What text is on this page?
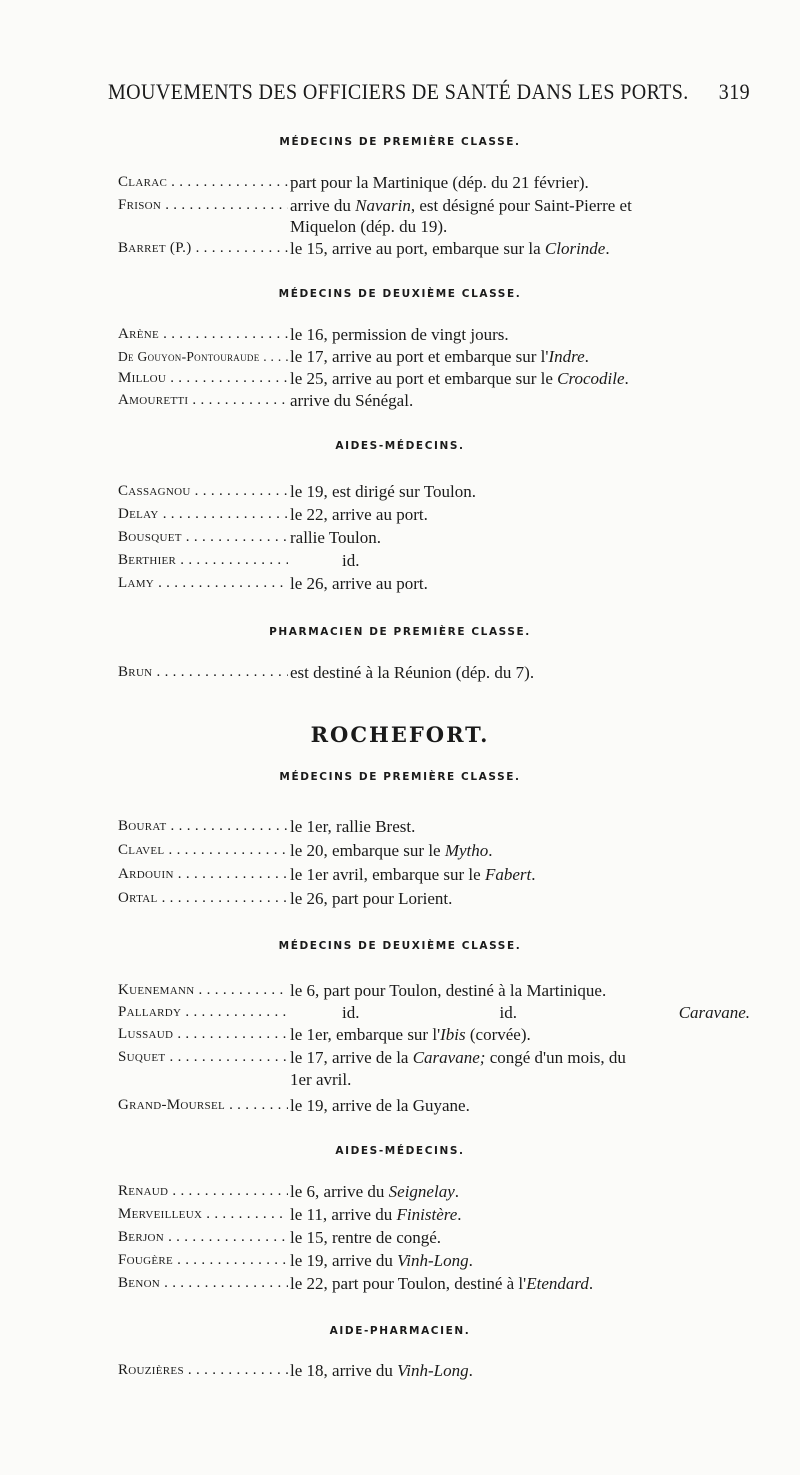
MOUVEMENTS DES OFFICIERS DE SANTÉ DANS LES PORTS. 319
MÉDECINS DE PREMIÈRE CLASSE.
Clarac . . .	part pour la Martinique (dép. du 21 février).
Frison . . .	arrive du Navarin, est désigné pour Saint-Pierre et
Miquelon (dép. du 19).
Barret (P.) . . .	le 15, arrive au port, embarque sur la Clorinde.
MÉDECINS DE DEUXIÈME CLASSE.
Arène . . .	le 16, permission de vingt jours.
De Gouyon-Pontouraude . . .	le 17, arrive au port et embarque sur l'Indre.
Millou . . .	le 25, arrive au port et embarque sur le Crocodile.
Amouretti . . .	arrive du Sénégal.
AIDES-MÉDECINS.
Cassagnou . . .	le 19, est dirigé sur Toulon.
Delay . . .	le 22, arrive au port.
Bousquet . . .	rallie Toulon.
Berthier . . .	id.
Lamy . . .	le 26, arrive au port.
PHARMACIEN DE PREMIÈRE CLASSE.
Brun . . .	est destiné à la Réunion (dép. du 7).
ROCHEFORT.
MÉDECINS DE PREMIÈRE CLASSE.
Bourat . . .	le 1er, rallie Brest.
Clavel . . .	le 20, embarque sur le Mytho.
Ardouin . . .	le 1er avril, embarque sur le Fabert.
Ortal . . .	le 26, part pour Lorient.
MÉDECINS DE DEUXIÈME CLASSE.
Kuenemann . . .	le 6, part pour Toulon, destiné à la Martinique.
Pallardy . . .	id.	id.	Caravane.
Lussaud . . .	le 1er, embarque sur l'Ibis (corvée).
Suquet . . .	le 17, arrive de la Caravane; congé d'un mois, du
1er avril.
Grand-Moursel . . .	le 19, arrive de la Guyane.
AIDES-MÉDECINS.
Renaud . . .	le 6, arrive du Seignelay.
Merveilleux . . .	le 11, arrive du Finistère.
Berjon . . .	le 15, rentre de congé.
Fougère . . .	le 19, arrive du Vinh-Long.
Benon . . .	le 22, part pour Toulon, destiné à l'Etendard.
AIDE-PHARMACIEN.
Rouzières . . .	le 18, arrive du Vinh-Long.
